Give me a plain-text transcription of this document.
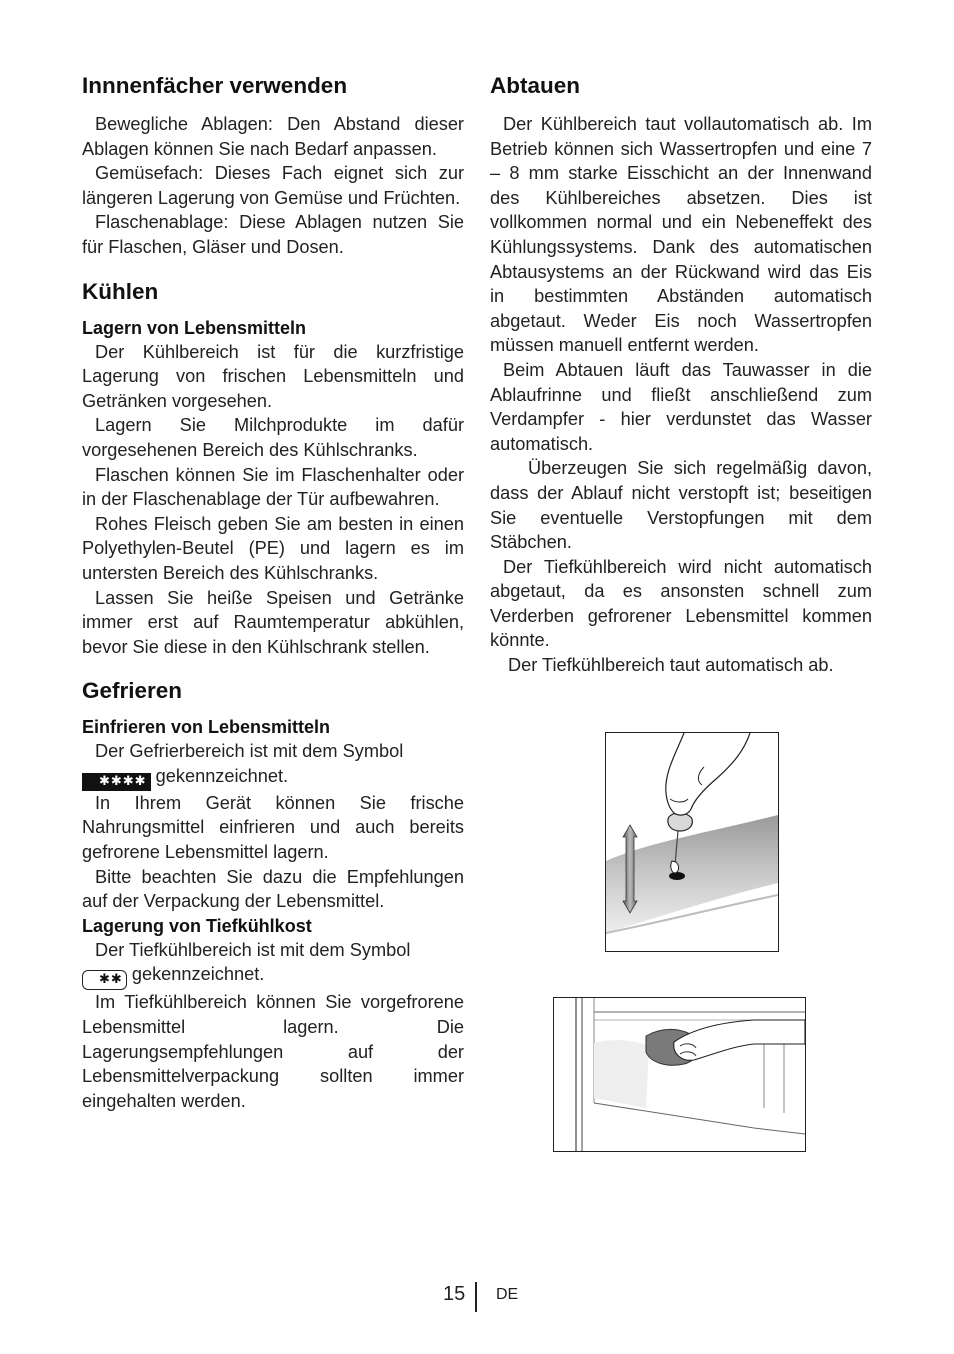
Innnenfächer verwenden

Bewegliche Ablagen: Den Abstand dieser Ablagen können Sie nach Bedarf anpassen.

Gemüsefach: Dieses Fach eignet sich zur längeren Lagerung von Gemüse und Früchten.

Flaschenablage: Diese Ablagen nutzen Sie für Flaschen, Gläser und Dosen.

Kühlen
Lagern von Lebensmitteln

Der Kühlbereich ist für die kurzfristige Lagerung von frischen Lebensmitteln und Getränken vorgesehen.

Lagern Sie Milchprodukte im dafür vorgesehenen Bereich des Kühlschranks.

Flaschen können Sie im Flaschenhalter oder in der Flaschenablage der Tür aufbewahren.

Rohes Fleisch geben Sie am besten in einen Polyethylen-Beutel (PE) und lagern es im untersten Bereich des Kühlschranks.

Lassen Sie heiße Speisen und Getränke immer erst auf Raumtemperatur abkühlen, bevor Sie diese in den Kühlschrank stellen.

Gefrieren
Einfrieren von Lebensmitteln

Der Gefrierbereich ist mit dem Symbol
✱✱✱✱ gekennzeichnet.

In Ihrem Gerät können Sie frische Nahrungsmittel einfrieren und auch bereits gefrorene Lebensmittel lagern.

Bitte beachten Sie dazu die Empfehlungen auf der Verpackung der Lebensmittel.

Lagerung von Tiefkühlkost

Der Tiefkühlbereich ist mit dem Symbol
✱✱ gekennzeichnet.

Im Tiefkühlbereich können Sie vorgefrorene Lebensmittel lagern. Die Lagerungsempfehlungen auf der Lebensmittelverpackung sollten immer eingehalten werden.

Abtauen

Der Kühlbereich taut vollautomatisch ab. Im Betrieb können sich Wassertropfen und eine 7 – 8 mm starke Eisschicht an der Innenwand des Kühlbereiches absetzen. Dies ist vollkommen normal und ein Nebeneffekt des Kühlungssystems. Dank des automatischen Abtausystems an der Rückwand wird das Eis in bestimmten Abständen automatisch abgetaut. Weder Eis noch Wassertropfen müssen manuell entfernt werden.

Beim Abtauen läuft das Tauwasser in die Ablaufrinne und fließt anschließend zum Verdampfer - hier verdunstet das Wasser automatisch.

Überzeugen Sie sich regelmäßig davon, dass der Ablauf nicht verstopft ist; beseitigen Sie eventuelle Verstopfungen mit dem Stäbchen.

Der Tiefkühlbereich wird nicht automatisch abgetaut, da es ansonsten schnell zum Verderben gefrorener Lebensmittel kommen könnte.

Der Tiefkühlbereich taut automatisch ab.

15 DE
